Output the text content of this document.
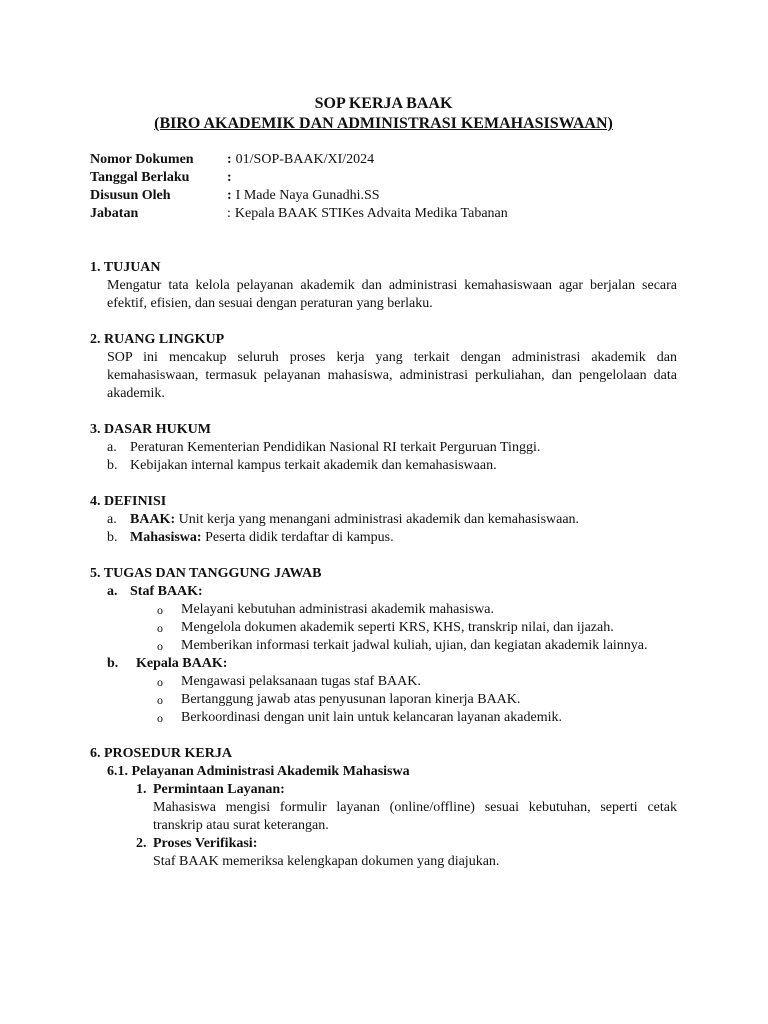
SOP KERJA BAAK
(BIRO AKADEMIK DAN ADMINISTRASI KEMAHASISWAAN)
Nomor Dokumen	: 01/SOP-BAAK/XI/2024
Tanggal Berlaku	:
Disusun Oleh	: I Made Naya Gunadhi.SS
Jabatan	: Kepala BAAK STIKes Advaita Medika Tabanan
1. TUJUAN
Mengatur tata kelola pelayanan akademik dan administrasi kemahasiswaan agar berjalan secara efektif, efisien, dan sesuai dengan peraturan yang berlaku.
2. RUANG LINGKUP
SOP ini mencakup seluruh proses kerja yang terkait dengan administrasi akademik dan kemahasiswaan, termasuk pelayanan mahasiswa, administrasi perkuliahan, dan pengelolaan data akademik.
3. DASAR HUKUM
a. Peraturan Kementerian Pendidikan Nasional RI terkait Perguruan Tinggi.
b. Kebijakan internal kampus terkait akademik dan kemahasiswaan.
4. DEFINISI
a. BAAK: Unit kerja yang menangani administrasi akademik dan kemahasiswaan.
b. Mahasiswa: Peserta didik terdaftar di kampus.
5. TUGAS DAN TANGGUNG JAWAB
a. Staf BAAK:
o	Melayani kebutuhan administrasi akademik mahasiswa.
o	Mengelola dokumen akademik seperti KRS, KHS, transkrip nilai, dan ijazah.
o	Memberikan informasi terkait jadwal kuliah, ujian, dan kegiatan akademik lainnya.
b.	Kepala BAAK:
o	Mengawasi pelaksanaan tugas staf BAAK.
o	Bertanggung jawab atas penyusunan laporan kinerja BAAK.
o	Berkoordinasi dengan unit lain untuk kelancaran layanan akademik.
6. PROSEDUR KERJA
6.1. Pelayanan Administrasi Akademik Mahasiswa
1. Permintaan Layanan:
Mahasiswa mengisi formulir layanan (online/offline) sesuai kebutuhan, seperti cetak transkrip atau surat keterangan.
2. Proses Verifikasi:
Staf BAAK memeriksa kelengkapan dokumen yang diajukan.
